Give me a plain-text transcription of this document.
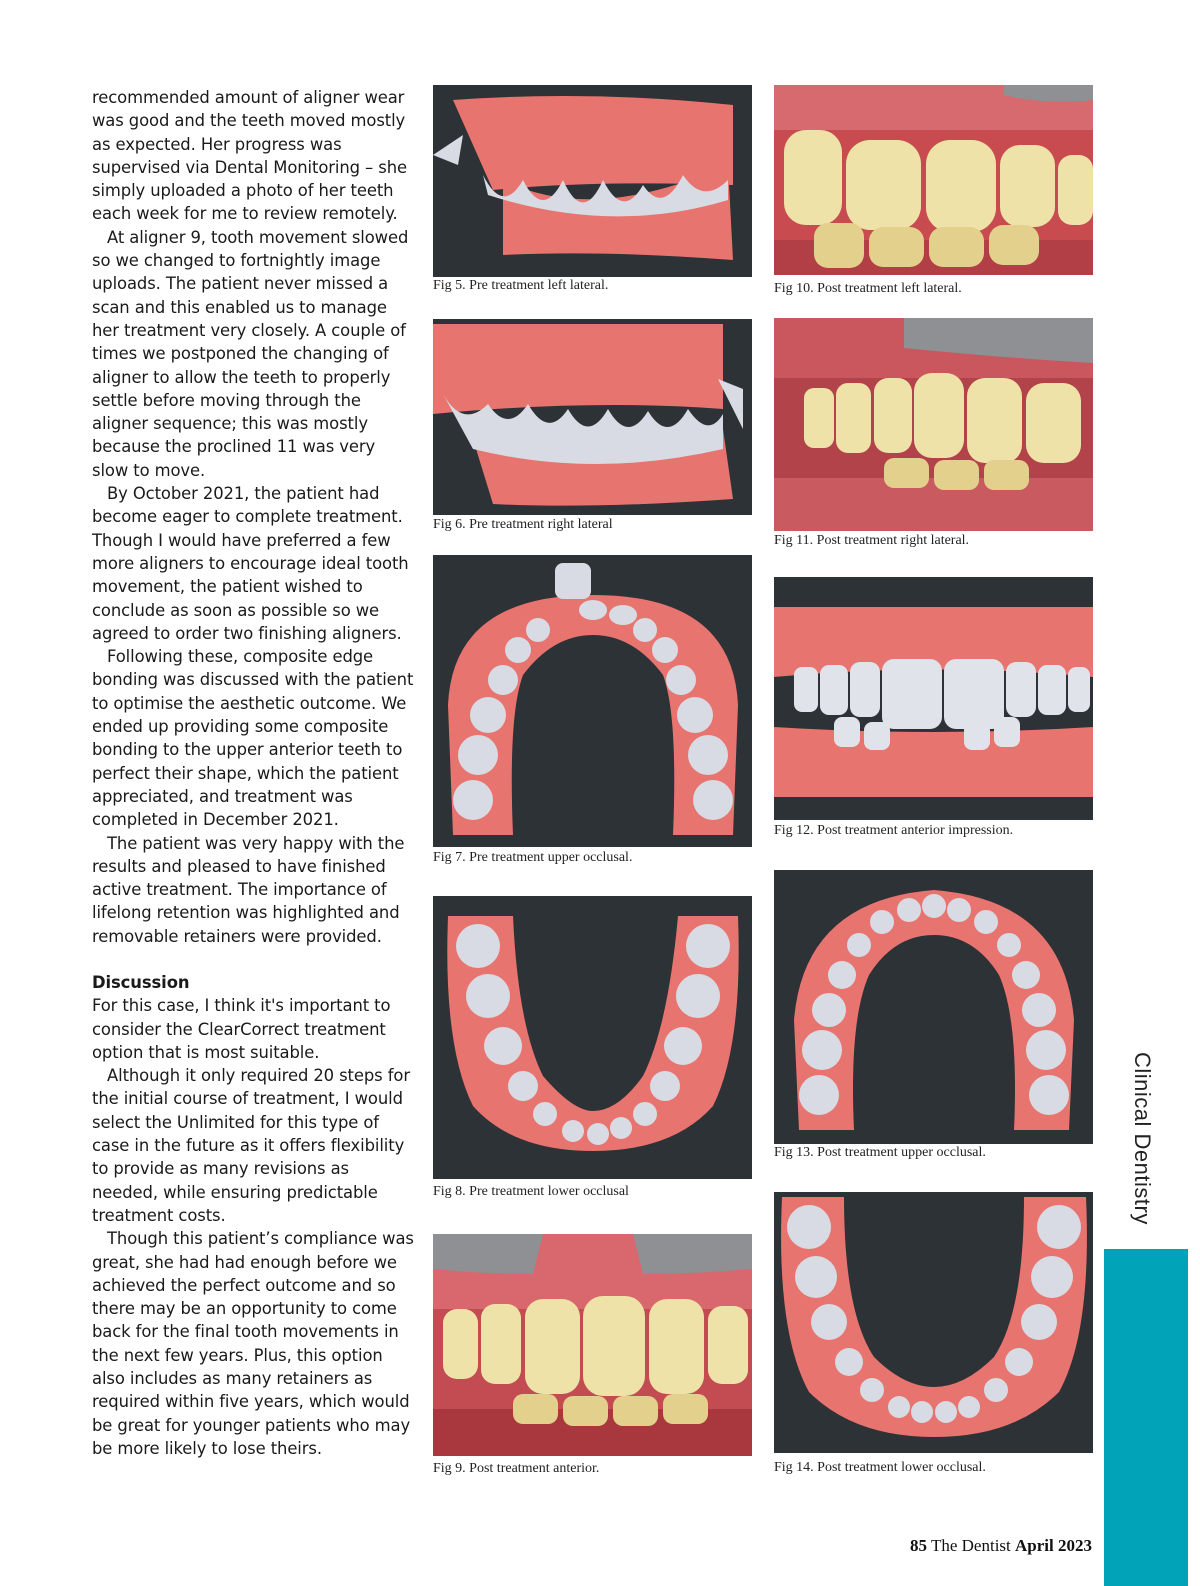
recommended amount of aligner wear was good and the teeth moved mostly as expected. Her progress was supervised via Dental Monitoring – she simply uploaded a photo of her teeth each week for me to review remotely.

At aligner 9, tooth movement slowed so we changed to fortnightly image uploads. The patient never missed a scan and this enabled us to manage her treatment very closely. A couple of times we postponed the changing of aligner to allow the teeth to properly settle before moving through the aligner sequence; this was mostly because the proclined 11 was very slow to move.

By October 2021, the patient had become eager to complete treatment. Though I would have preferred a few more aligners to encourage ideal tooth movement, the patient wished to conclude as soon as possible so we agreed to order two finishing aligners.

Following these, composite edge bonding was discussed with the patient to optimise the aesthetic outcome. We ended up providing some composite bonding to the upper anterior teeth to perfect their shape, which the patient appreciated, and treatment was completed in December 2021.

The patient was very happy with the results and pleased to have finished active treatment. The importance of lifelong retention was highlighted and removable retainers were provided.

Discussion

For this case, I think it's important to consider the ClearCorrect treatment option that is most suitable.

Although it only required 20 steps for the initial course of treatment, I would select the Unlimited for this type of case in the future as it offers flexibility to provide as many revisions as needed, while ensuring predictable treatment costs.

Though this patient’s compliance was great, she had had enough before we achieved the perfect outcome and so there may be an opportunity to come back for the final tooth movements in the next few years. Plus, this option also includes as many retainers as required within five years, which would be great for younger patients who may be more likely to lose theirs.

Fig 5. Pre treatment left lateral.	Fig 10. Post treatment left lateral.
Fig 6. Pre treatment right lateral
Fig 11. Post treatment right lateral.
Fig 7. Pre treatment upper occlusal.
Fig 12. Post treatment anterior impression.
Fig 8. Pre treatment lower occlusal
Fig 13. Post treatment upper occlusal.
Fig 9. Post treatment anterior.	Fig 14. Post treatment lower occlusal.
Clinical Dentistry
85 The Dentist April 2023
